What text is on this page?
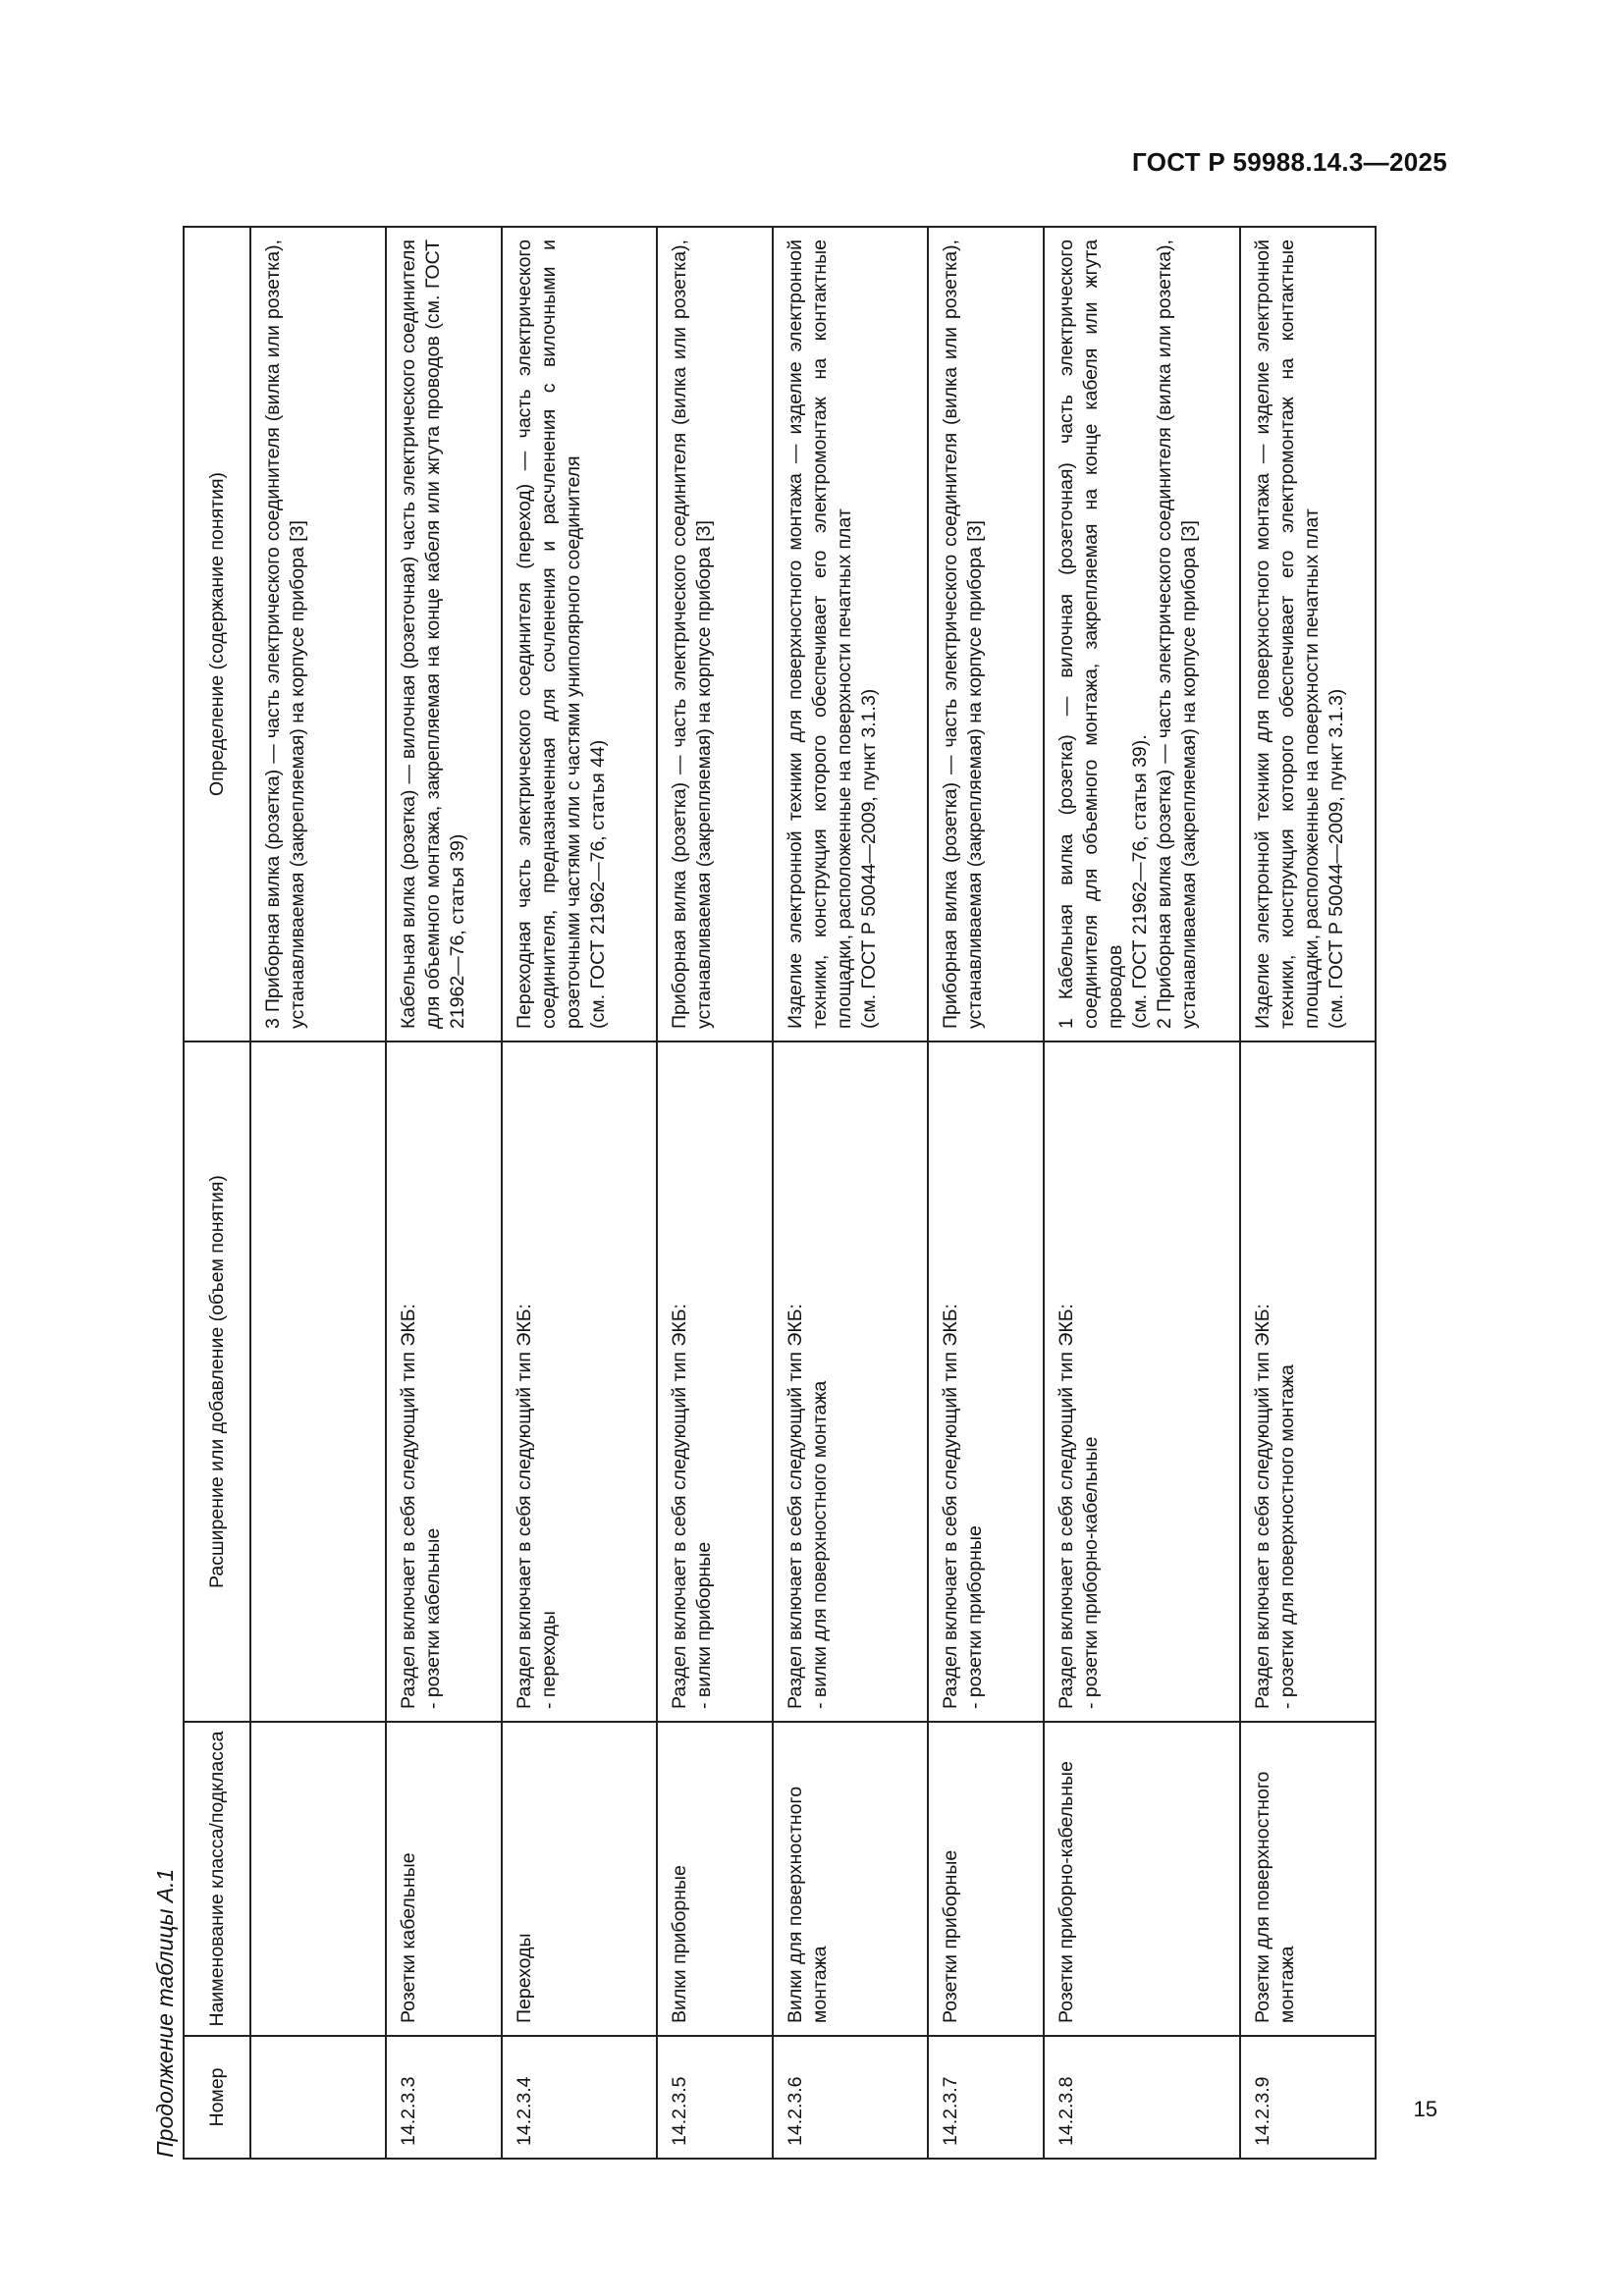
ГОСТ Р 59988.14.3—2025
Продолжение таблицы А.1 Номер	Наименование класса/подкласса	Расширение или добавление (объем понятия)	Определение (содержание понятия)

			3 Приборная вилка (розетка) — часть электрического соединителя (вилка или розетка), устанавливаемая (закрепляемая) на корпусе прибора [3]

14.2.3.3	Розетки кабельные	Раздел включает в себя следующий тип ЭКБ: - розетки кабельные	Кабельная вилка (розетка) — вилочная (розеточная) часть электрического соединителя для объемного монтажа, закрепляемая на конце кабеля или жгута проводов (см. ГОСТ 21962—76, статья 39)

14.2.3.4	Переходы	Раздел включает в себя следующий тип ЭКБ: - переходы	Переходная часть электрического соединителя (переход) — часть электрического соединителя, предназначенная для сочленения и расчленения с вилочными и розеточными частями или с частями униполярного соединителя (см. ГОСТ 21962—76, статья 44)

14.2.3.5	Вилки приборные	Раздел включает в себя следующий тип ЭКБ: - вилки приборные	Приборная вилка (розетка) — часть электрического соединителя (вилка или розетка), устанавливаемая (закрепляемая) на корпусе прибора [3]

14.2.3.6	Вилки для поверхностного монтажа	Раздел включает в себя следующий тип ЭКБ: - вилки для поверхностного монтажа	Изделие электронной техники для поверхностного монтажа — изделие электронной техники, конструкция которого обеспечивает его электромонтаж на контактные площадки, расположенные на поверхности печатных плат (см. ГОСТ Р 50044—2009, пункт 3.1.3)

14.2.3.7	Розетки приборные	Раздел включает в себя следующий тип ЭКБ: - розетки приборные	Приборная вилка (розетка) — часть электрического соединителя (вилка или розетка), устанавливаемая (закрепляемая) на корпусе прибора [3]

14.2.3.8	Розетки приборно-кабельные	Раздел включает в себя следующий тип ЭКБ: - розетки приборно-кабельные	1 Кабельная вилка (розетка) — вилочная (розеточная) часть электрического соединителя для объемного монтажа, закрепляемая на конце кабеля или жгута проводов (см. ГОСТ 21962—76, статья 39). 2 Приборная вилка (розетка) — часть электрического соединителя (вилка или розетка), устанавливаемая (закрепляемая) на корпусе прибора [3]

14.2.3.9	Розетки для поверхностного монтажа	Раздел включает в себя следующий тип ЭКБ: - розетки для поверхностного монтажа	Изделие электронной техники для поверхностного монтажа — изделие электронной техники, конструкция которого обеспечивает его электромонтаж на контактные площадки, расположенные на поверхности печатных плат (см. ГОСТ Р 50044—2009, пункт 3.1.3)
15
